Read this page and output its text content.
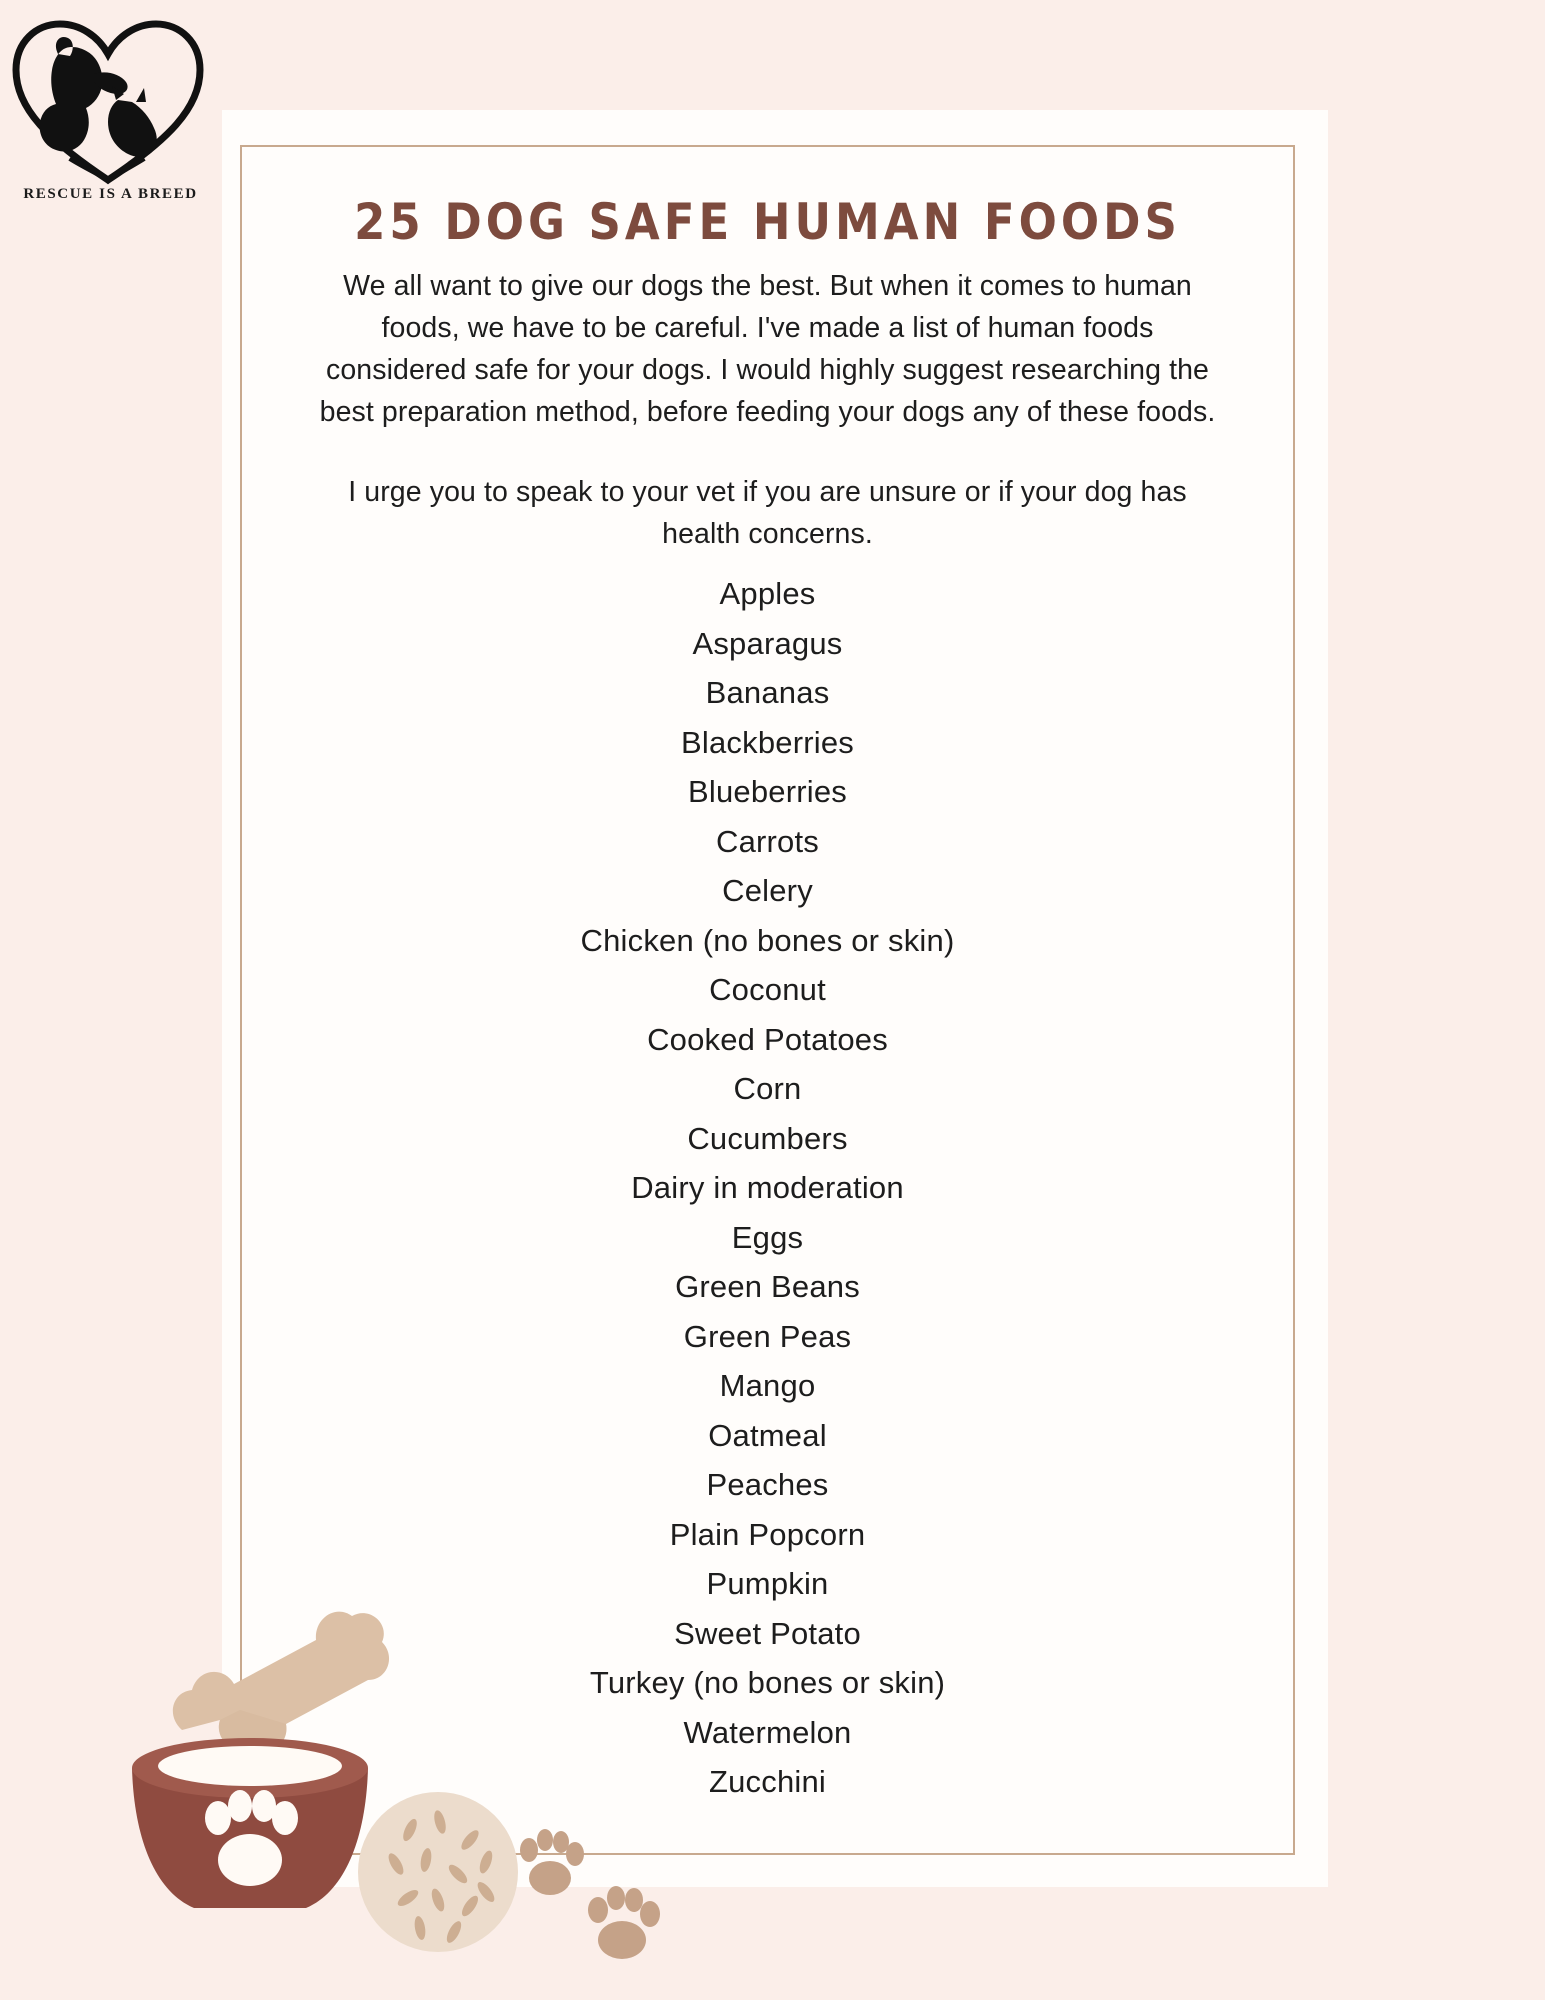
RESCUE IS A BREED	25 DOG SAFE HUMAN FOODS

We all want to give our dogs the best. But when it comes to human foods, we have to be careful. I've made a list of human foods considered safe for your dogs. I would highly suggest researching the best preparation method, before feeding your dogs any of these foods.

I urge you to speak to your vet if you are unsure or if your dog has health concerns.

Apples
Asparagus
Bananas
Blackberries
Blueberries
Carrots
Celery
Chicken (no bones or skin)
Coconut
Cooked Potatoes
Corn
Cucumbers
Dairy in moderation
Eggs
Green Beans
Green Peas
Mango
Oatmeal
Peaches
Plain Popcorn
Pumpkin
Sweet Potato
Turkey (no bones or skin)
Watermelon
Zucchini
